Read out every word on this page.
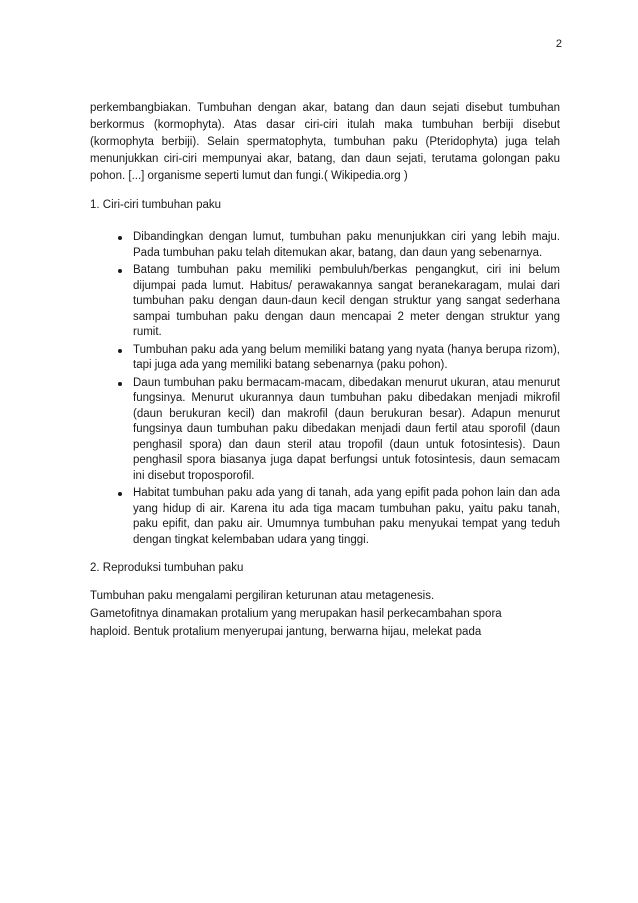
2

perkembangbiakan. Tumbuhan dengan akar, batang dan daun sejati disebut tumbuhan berkormus (kormophyta). Atas dasar ciri-ciri itulah maka tumbuhan berbiji disebut (kormophyta berbiji). Selain spermatophyta, tumbuhan paku (Pteridophyta) juga telah menunjukkan ciri-ciri mempunyai akar, batang, dan daun sejati, terutama golongan paku pohon. [...] organisme seperti lumut dan fungi.( Wikipedia.org )

1. Ciri-ciri tumbuhan paku

Dibandingkan dengan lumut, tumbuhan paku menunjukkan ciri yang lebih maju. Pada tumbuhan paku telah ditemukan akar, batang, dan daun yang sebenarnya.
Batang tumbuhan paku memiliki pembuluh/berkas pengangkut, ciri ini belum dijumpai pada lumut. Habitus/ perawakannya sangat beranekaragam, mulai dari tumbuhan paku dengan daun-daun kecil dengan struktur yang sangat sederhana sampai tumbuhan paku dengan daun mencapai 2 meter dengan struktur yang rumit.
Tumbuhan paku ada yang belum memiliki batang yang nyata (hanya berupa rizom), tapi juga ada yang memiliki batang sebenarnya (paku pohon).
Daun tumbuhan paku bermacam-macam, dibedakan menurut ukuran, atau menurut fungsinya. Menurut ukurannya daun tumbuhan paku dibedakan menjadi mikrofil (daun berukuran kecil) dan makrofil (daun berukuran besar). Adapun menurut fungsinya daun tumbuhan paku dibedakan menjadi daun fertil atau sporofil (daun penghasil spora) dan daun steril atau tropofil (daun untuk fotosintesis). Daun penghasil spora biasanya juga dapat berfungsi untuk fotosintesis, daun semacam ini disebut troposporofil.
Habitat tumbuhan paku ada yang di tanah, ada yang epifit pada pohon lain dan ada yang hidup di air. Karena itu ada tiga macam tumbuhan paku, yaitu paku tanah, paku epifit, dan paku air. Umumnya tumbuhan paku menyukai tempat yang teduh dengan tingkat kelembaban udara yang tinggi.

2. Reproduksi tumbuhan paku

Tumbuhan paku mengalami pergiliran keturunan atau metagenesis.

Gametofitnya dinamakan protalium yang merupakan hasil perkecambahan spora

haploid. Bentuk protalium menyerupai jantung, berwarna hijau, melekat pada
